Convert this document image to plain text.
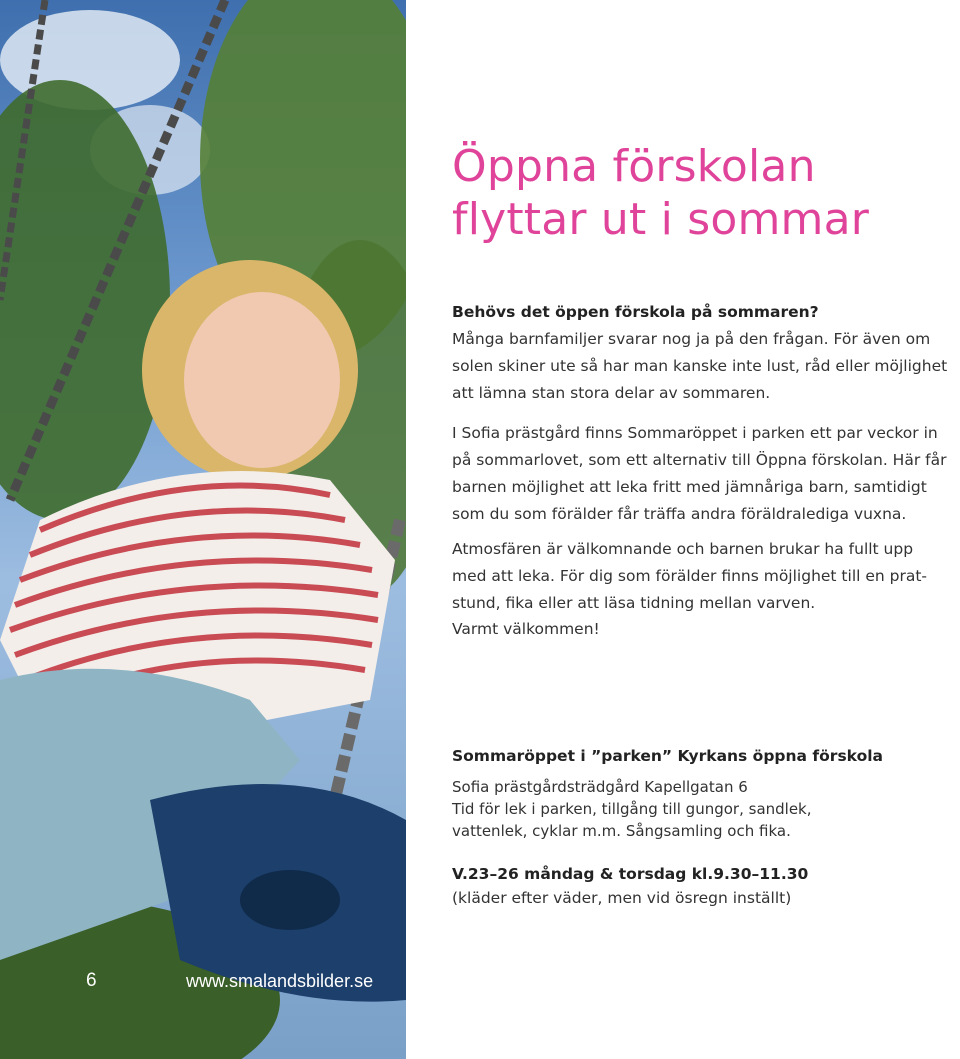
6	www.smalandsbilder.se
Öppna förskolan
flyttar ut i sommar

Behövs det öppen förskola på sommaren?
Många barnfamiljer svarar nog ja på den frågan. För även om
solen skiner ute så har man kanske inte lust, råd eller möjlighet
att lämna stan stora delar av sommaren.

I Sofia prästgård finns Sommaröppet i parken ett par veckor in
på sommarlovet, som ett alternativ till Öppna förskolan. Här får
barnen möjlighet att leka fritt med jämnåriga barn, samtidigt
som du som förälder får träffa andra föräldralediga vuxna.

Atmosfären är välkomnande och barnen brukar ha fullt upp
med att leka. För dig som förälder finns möjlighet till en prat-
stund, fika eller att läsa tidning mellan varven.

Varmt välkommen!

Sommaröppet i ”parken” Kyrkans öppna förskola
Sofia prästgårdsträdgård Kapellgatan 6
Tid för lek i parken, tillgång till gungor, sandlek,
vattenlek, cyklar m.m. Sångsamling och fika.
V.23–26 måndag & torsdag kl.9.30–11.30
(kläder efter väder, men vid ösregn inställt)
